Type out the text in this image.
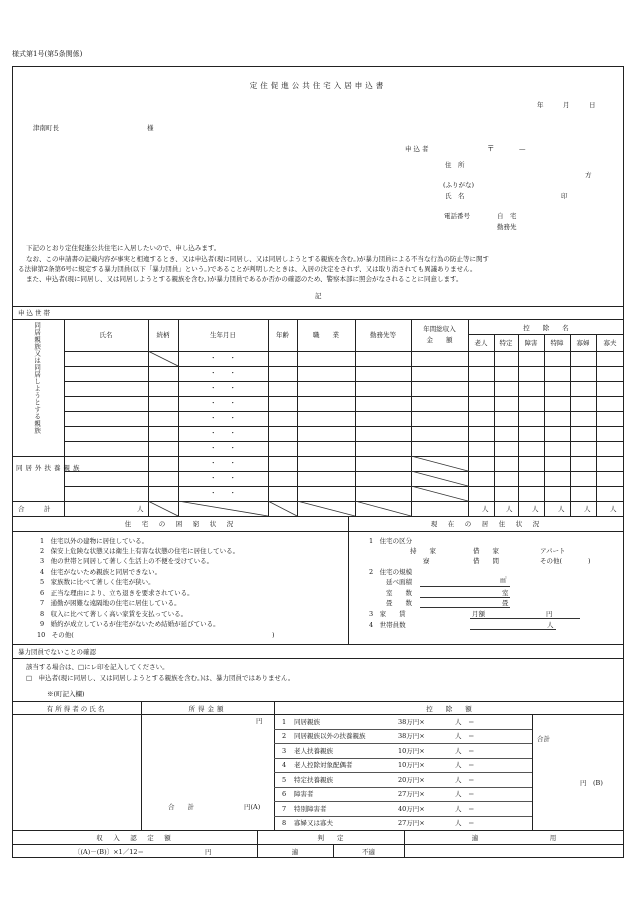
様式第1号(第5条関係)
定住促進公共住宅入居申込書
年	月	日
津南町長	様
申込者	〒	—
住　所
方
(ふりがな)
氏　名	印
電話番号	自　宅
勤務先
下記のとおり定住促進公共住宅に入居したいので、申し込みます。
なお、この申請書の記載内容が事実と相違するとき、又は申込者(現に同居し、又は同居しようとする親族を含む。)が暴力団員による不当な行為の防止等に関す
る法律第2条第6号に規定する暴力団員(以下「暴力団員」という。)であることが判明したときは、入居の決定をされず、又は取り消されても異議ありません。
また、申込者(現に同居し、又は同居しようとする親族を含む。)が暴力団員であるか否かの確認のため、警察本部に照会がなされることに同意します。
記
申込世帯
氏名	続柄	生年月日	年齢	職　　業	勤務先等
年間総収入
金　　額
控　　除　　名
老人	特定	障害	特障	寡婦	寡夫
同居親族又は同居しようとする親族
同居外扶養親族
・　　・
・　　・
・　　・
・　　・
・　　・
・　　・
・　　・
・　　・
・　　・
・　　・
合　　　計	人	人	人	人	人	人	人
住　宅　の　困　窮　状　況	現　在　の　居　住　状　況
1　住宅以外の建物に居住している。
2　保安上危険な状態又は衛生上有害な状態の住宅に居住している。
3　他の世帯と同居して著しく生活上の不便を受けている。
4　住宅がないため親族と同居できない。
5　家族数に比べて著しく住宅が狭い。
6　正当な理由により、立ち退きを要求されている。
7　通勤が困難な遠隔地の住宅に居住している。
8　収入に比べて著しく高い家賃を支払っている。
9　婚約が成立しているが住宅がないため結婚が延びている。
10　その他(	)
1　住宅の区分
持　　家	借　　家	アパート
寮	借　　間	その他(　　　　)
2　住宅の規模
延べ面積	㎡
室　　数	室
畳　　数	畳
3　家　　賃	月額	円
4　世帯員数	人
暴力団員でないことの確認
該当する場合は、□にレ印を記入してください。
□　申込者(現に同居し、又は同居しようとする親族を含む。)は、暴力団員ではありません。
※(町記入欄)
有所得者の氏名	所得金額	控　　除　　額
円
合　　計	円(A)
1 同居親族	38万円×	人　＝
2 同居親族以外の扶養親族	38万円×	人　＝
3 老人扶養親族	10万円×	人　＝
4 老人控除対象配偶者	10万円×	人　＝
5 特定扶養親族	20万円×	人　＝
6 障害者	27万円×	人　＝
7 特別障害者	40万円×	人　＝
8 寡婦又は寡夫	27万円×	人　＝
合計
円　(B)
収　入　認　定　額
〔(A)－(B)〕×1／12＝	円
判　　定
適	不適
適　　　　　　　　　　　用
